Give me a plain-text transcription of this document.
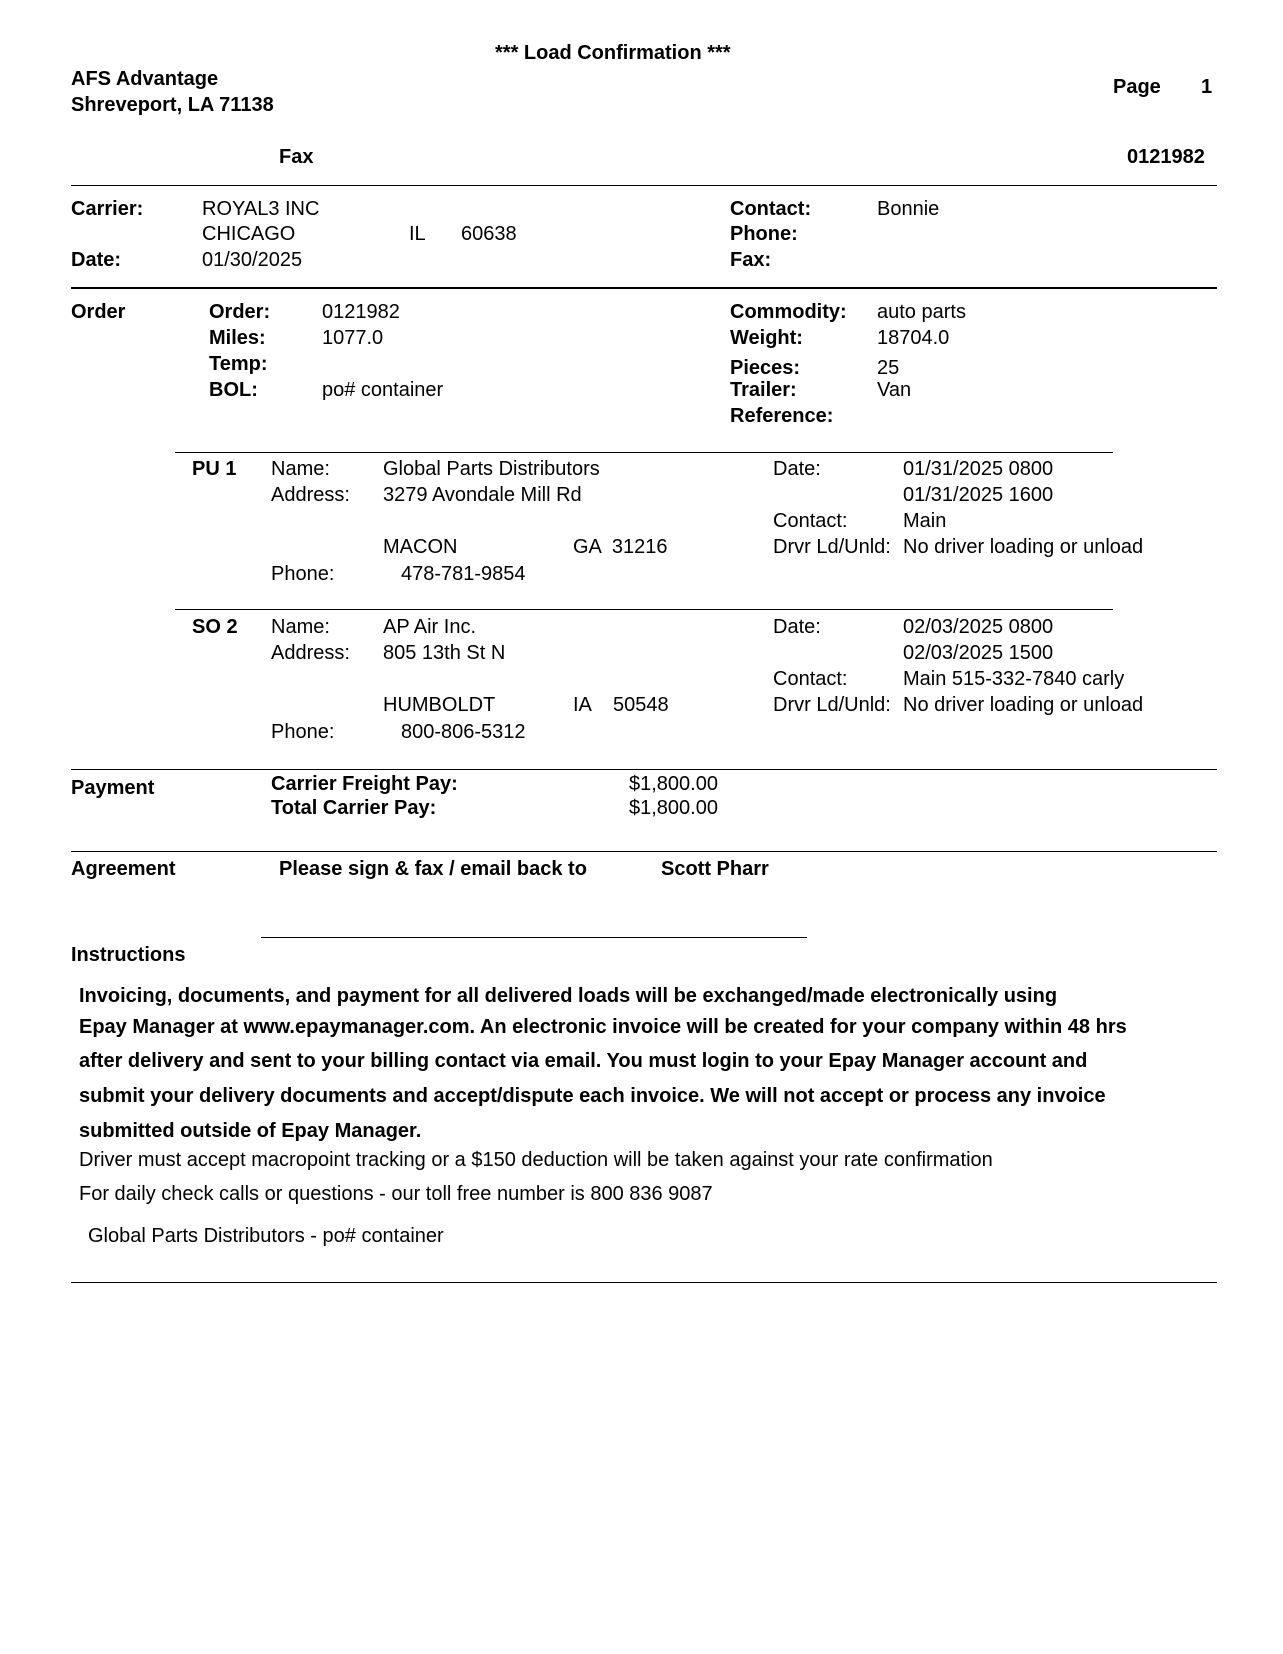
*** Load Confirmation ***
AFS Advantage
Shreveport, LA 71138
Page 1
Fax	0121982
Carrier:	ROYAL3 INC
CHICAGO	IL 60638
Date:	01/30/2025
Contact:	Bonnie
Phone:
Fax:
Order	Order:	0121982
Miles:	1077.0
Temp:
BOL:	po# container
Commodity: auto parts
Weight:	18704.0
Pieces:	25
Trailer:	Van
Reference:
PU 1 Name:	Global Parts Distributors
Address: 3279 Avondale Mill Rd
MACON	GA  31216
Phone:	478-781-9854
Date:	01/31/2025 0800
01/31/2025 1600
Contact:	Main
Drvr Ld/Unld: No driver loading or unload
SO 2 Name:	AP Air Inc.
Address: 805 13th St N
HUMBOLDT	IA    50548
Phone:	800-806-5312
Date:	02/03/2025 0800
02/03/2025 1500
Contact:	Main 515-332-7840 carly
Drvr Ld/Unld: No driver loading or unload
Payment	Carrier Freight Pay:	$1,800.00
Total Carrier Pay:	$1,800.00
Agreement	Please sign & fax / email back to	Scott Pharr
Instructions
Invoicing, documents, and payment for all delivered loads will be exchanged/made electronically using
Epay Manager at www.epaymanager.com. An electronic invoice will be created for your company within 48 hrs
after delivery and sent to your billing contact via email. You must login to your Epay Manager account and
submit your delivery documents and accept/dispute each invoice. We will not accept or process any invoice
submitted outside of Epay Manager.
Driver must accept macropoint tracking or a $150 deduction will be taken against your rate confirmation
For daily check calls or questions - our toll free number is 800 836 9087
Global Parts Distributors - po# container
